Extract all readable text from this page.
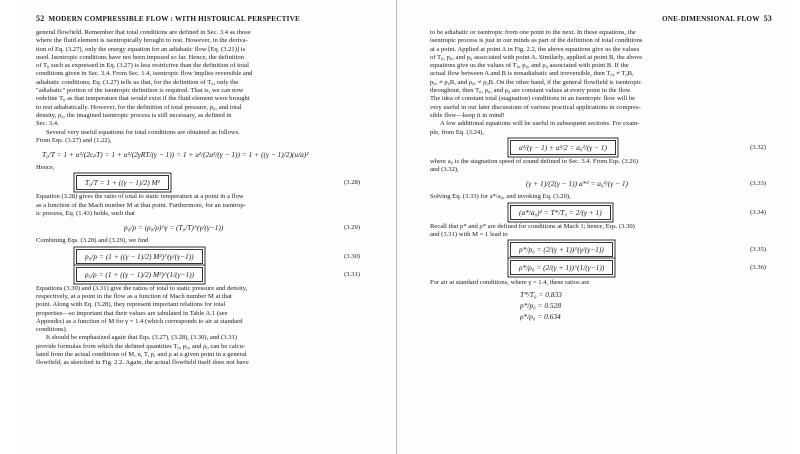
52 MODERN COMPRESSIBLE FLOW : WITH HISTORICAL PERSPECTIVE

general flowfield. Remember that total conditions are defined in Sec. 3.4 as those

where the fluid element is isentropically brought to rest. However, in the deriva-

tion of Eq. (3.27), only the energy equation for an adiabatic flow [Eq. (3.21)] is

used. Isentropic conditions have not been imposed so far. Hence, the definition

of T₀ such as expressed in Eq. (3.27) is less restrictive than the definition of total

conditions given in Sec. 3.4. From Sec. 1.4, isentropic flow implies reversible and

adiabatic conditions; Eq. (3.27) tells us that, for the definition of T₀, only the

"adiabatic" portion of the isentropic definition is required. That is, we can now

redefine T₀ as that temperature that would exist if the fluid element were brought

to rest adiabatically. However, for the definition of total pressure, p₀, and total

density, ρ₀, the imagined isentropic process is still necessary, as defined in

Sec. 3.4.

Several very useful equations for total conditions are obtained as follows.

From Eqs. (3.27) and (1.22),

T₀/T = 1 + u²/(2cₚT) = 1 + u²/(2γRT/(γ − 1)) = 1 + u²/(2a²/(γ − 1)) = 1 + ((γ − 1)/2)(u/a)²

Hence,

T₀/T = 1 + ((γ − 1)/2) M²	(3.28)

Equation (3.28) gives the ratio of total to static temperature at a point in a flow

as a function of the Mach number M at that point. Furthermore, for an isentrop-

ic process, Eq. (1.43) holds, such that

p₀/p = (ρ₀/ρ)^γ = (T₀/T)^(γ/(γ−1))	(3.29)

Combining Eqs. (3.28) and (3.29), we find

p₀/p = (1 + ((γ − 1)/2) M²)^(γ/(γ−1))	(3.30)
ρ₀/ρ = (1 + ((γ − 1)/2) M²)^(1/(γ−1))	(3.31)

Equations (3.30) and (3.31) give the ratios of total to static pressure and density,

respectively, at a point in the flow as a function of Mach number M at that

point. Along with Eq. (3.28), they represent important relations for total

properties—so important that their values are tabulated in Table A.1 (see

Appendix) as a function of M for γ = 1.4 (which corresponds to air at standard

conditions).

It should be emphasized again that Eqs. (3.27), (3.28), (3.30), and (3.31)

provide formulas from which the defined quantities T₀, p₀, and ρ₀ can be calcu-

lated from the actual conditions of M, u, T, p, and ρ at a given point in a general

flowfield, as sketched in Fig. 2.2. Again, the actual flowfield itself does not have

ONE-DIMENSIONAL FLOW 53

to be adiabatic or isentropic from one point to the next. In these equations, the

isentropic process is just in our minds as part of the definition of total conditions

at a point. Applied at point A in Fig. 2.2, the above equations give us the values

of T₀, p₀, and ρ₀ associated with point A. Similarly, applied at point B, the above

equations give us the values of T₀, p₀, and ρ₀ associated with point B. If the

actual flow between A and B is nonadiabatic and irreversible, then T₀ₐ ≠ T₀B,

p₀ₐ ≠ p₀B, and ρ₀ₐ ≠ ρ₀B. On the other hand, if the general flowfield is isentropic

throughout, then T₀, p₀, and ρ₀ are constant values at every point in the flow.

The idea of constant total (stagnation) conditions in an isentropic flow will be

very useful in our later discussions of various practical applications in compres-

sible flow—keep it in mind!

A few additional equations will be useful in subsequent sections. For exam-

ple, from Eq. (3.24),

a²/(γ − 1) + u²/2 = a₀²/(γ − 1)	(3.32)

where a₀ is the stagnation speed of sound defined in Sec. 3.4. From Eqs. (3.26)

and (3.32),

(γ + 1)/(2(γ − 1)) a*² = a₀²/(γ − 1)	(3.33)

Solving Eq. (3.33) for a*/a₀, and invoking Eq. (3.20),

(a*/a₀)² = T*/T₀ = 2/(γ + 1)	(3.34)

Recall that p* and ρ* are defined for conditions at Mach 1; hence, Eqs. (3.30)

and (3.31) with M = 1 lead to

p*/p₀ = (2/(γ + 1))^(γ/(γ−1))	(3.35)
ρ*/ρ₀ = (2/(γ + 1))^(1/(γ−1))	(3.36)

For air at standard conditions, where γ = 1.4, these ratios are

T*/T₀ = 0.833
p*/p₀ = 0.528
ρ*/ρ₀ = 0.634
